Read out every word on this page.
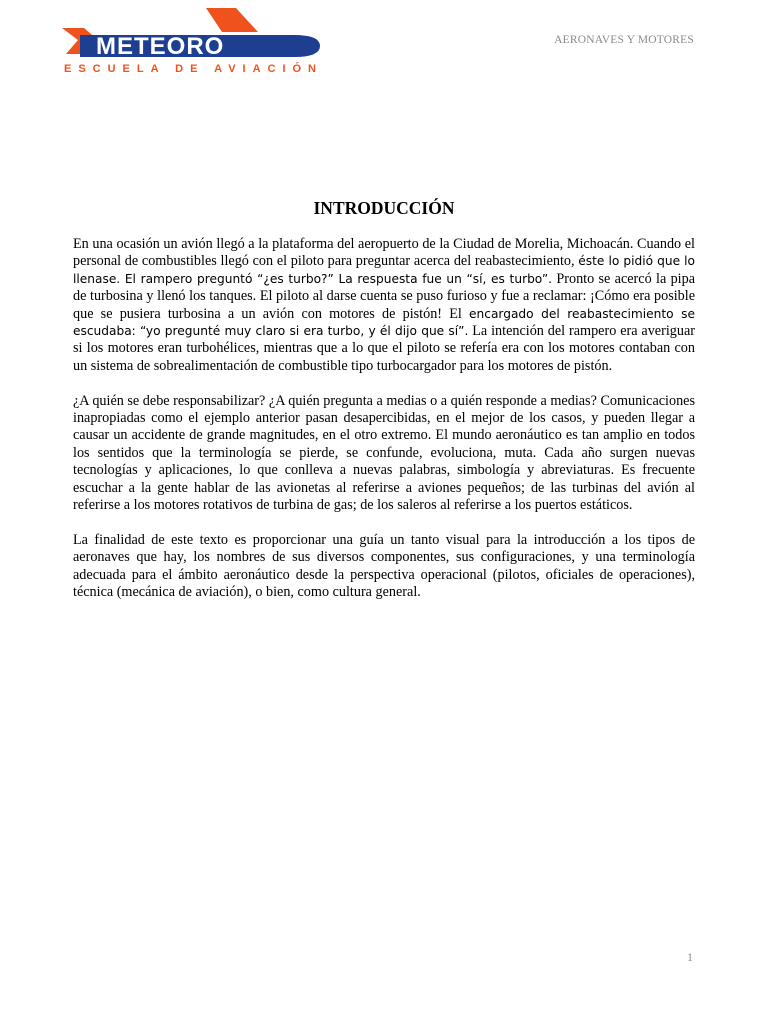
METEORO
ESCUELA DE AVIACIÓN
AERONAVES Y MOTORES
INTRODUCCIÓN

En una ocasión un avión llegó a la plataforma del aeropuerto de la Ciudad de Morelia, Michoacán. Cuando el personal de combustibles llegó con el piloto para preguntar acerca del reabastecimiento, éste lo pidió que lo llenase. El rampero preguntó “¿es turbo?” La respuesta fue un “sí, es turbo”. Pronto se acercó la pipa de turbosina y llenó los tanques. El piloto al darse cuenta se puso furioso y fue a reclamar: ¡Cómo era posible que se pusiera turbosina a un avión con motores de pistón! El encargado del reabastecimiento se escudaba: “yo pregunté muy claro si era turbo, y él dijo que sí”. La intención del rampero era averiguar si los motores eran turbohélices, mientras que a lo que el piloto se refería era con los motores contaban con un sistema de sobrealimentación de combustible tipo turbocargador para los motores de pistón.

¿A quién se debe responsabilizar? ¿A quién pregunta a medias o a quién responde a medias? Comunicaciones inapropiadas como el ejemplo anterior pasan desapercibidas, en el mejor de los casos, y pueden llegar a causar un accidente de grande magnitudes, en el otro extremo. El mundo aeronáutico es tan amplio en todos los sentidos que la terminología se pierde, se confunde, evoluciona, muta. Cada año surgen nuevas tecnologías y aplicaciones, lo que conlleva a nuevas palabras, simbología y abreviaturas. Es frecuente escuchar a la gente hablar de las avionetas al referirse a aviones pequeños; de las turbinas del avión al referirse a los motores rotativos de turbina de gas; de los saleros al referirse a los puertos estáticos.

La finalidad de este texto es proporcionar una guía un tanto visual para la introducción a los tipos de aeronaves que hay, los nombres de sus diversos componentes, sus configuraciones, y una terminología adecuada para el ámbito aeronáutico desde la perspectiva operacional (pilotos, oficiales de operaciones), técnica (mecánica de aviación), o bien, como cultura general.

1
